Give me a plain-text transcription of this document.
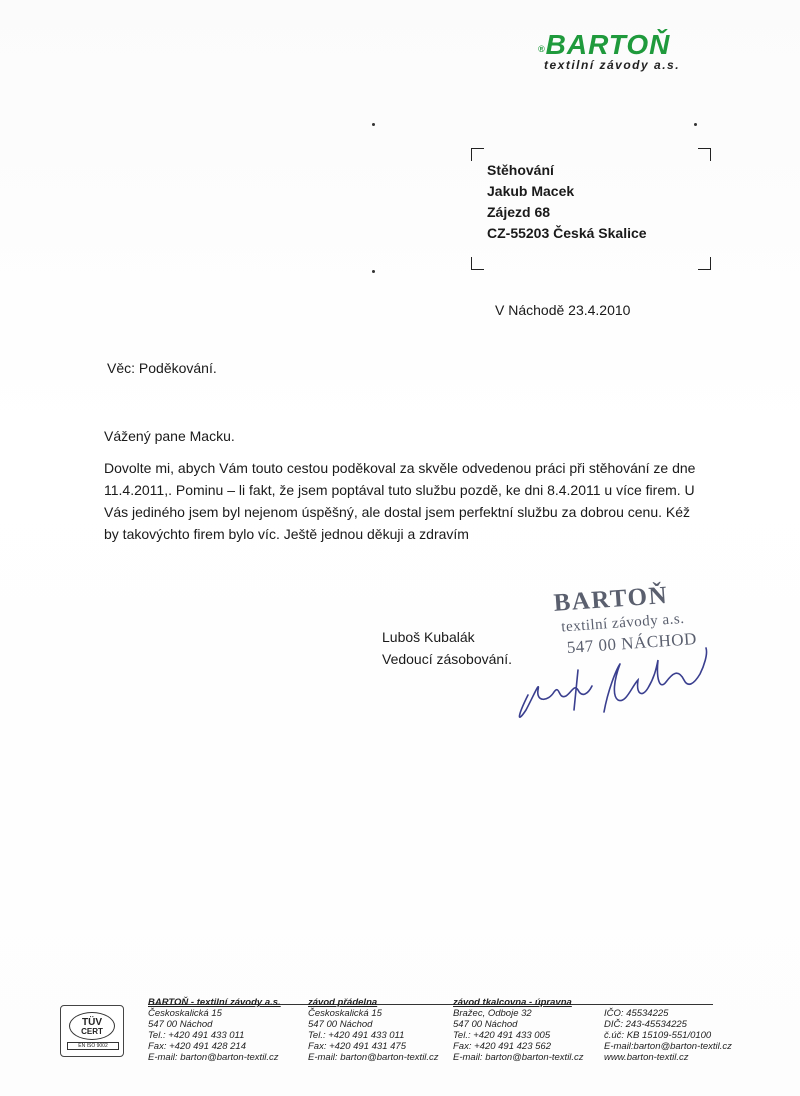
®BARTOŇ
textilní závody a.s.
Stěhování
Jakub Macek
Zájezd 68
CZ-55203 Česká Skalice
V Náchodě 23.4.2010
Věc: Poděkování.
Vážený pane Macku.
Dovolte mi, abych Vám touto cestou poděkoval za skvěle odvedenou práci při stěhování ze dne
11.4.2011,. Pominu – li fakt, že jsem poptával tuto službu pozdě, ke dni 8.4.2011 u více firem. U
Vás jediného jsem byl nejenom úspěšný, ale dostal jsem perfektní službu za dobrou cenu. Kéž
by takovýchto firem bylo víc. Ještě jednou děkuji a zdravím
Luboš Kubalák
Vedoucí zásobování.
BARTOŇ
textilní závody a.s.
547 00 NÁCHOD
TÜV
CERT
EN ISO 9002
BARTOŇ - textilní závody a.s.
Českoskalická 15
547 00 Náchod
Tel.: +420 491 433 011
Fax: +420 491 428 214
E-mail: barton@barton-textil.cz
závod přádelna
Českoskalická 15
547 00 Náchod
Tel.: +420 491 433 011
Fax: +420 491 431 475
E-mail: barton@barton-textil.cz
závod tkalcovna - úpravna
Bražec, Odboje 32
547 00 Náchod
Tel.: +420 491 433 005
Fax: +420 491 423 562
E-mail: barton@barton-textil.cz
IČO: 45534225
DIČ: 243-45534225
č.úč: KB 15109-551/0100
E-mail:barton@barton-textil.cz
www.barton-textil.cz
